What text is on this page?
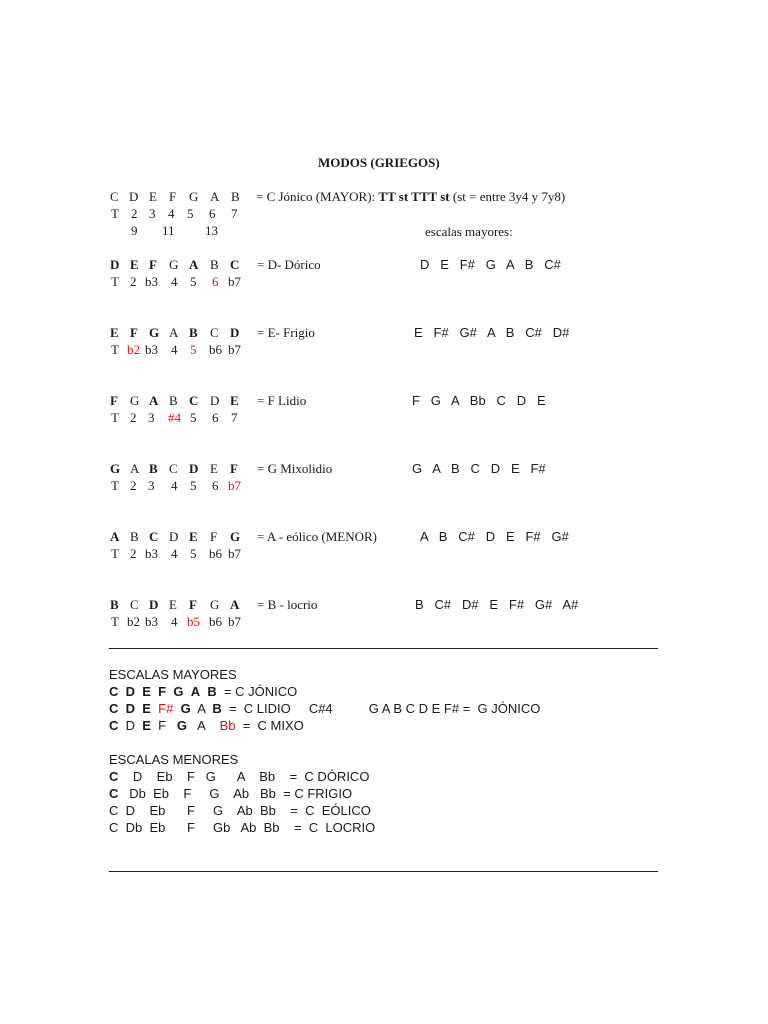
MODOS (GRIEGOS)
= C Jónico (MAYOR): TT st TTT st (st = entre 3y4 y 7y8)
escalas mayores:
ESCALAS MAYORES
ESCALAS MENORES
C D E F G A B
T 2 3 4 5 6 7
9 11 13
D E F G A B C = D- Dórico	D   E   F#   G   A   B   C#
T 2 b3 4 5 6 b7
E F G A B C D = E- Frigio	E   F#   G#   A   B   C#   D#
T b2 b3 4 5 b6 b7
F G A B C D E = F Lidio	F   G   A   Bb   C   D   E
T 2 3 #4 5 6 7
G A B C D E F = G Mixolidio	G   A   B   C   D   E   F#
T 2 3 4 5 6 b7
A B C D E F G = A - eólico (MENOR)	A   B   C#   D   E   F#   G#
T 2 b3 4 5 b6 b7
B C D E F G A = B - locrio	B   C#   D#   E   F#   G#   A#
T b2 b3 4 b5 b6 b7
C D E F G A B  = C JÓNICO
C D E F# G  A  B  =  C LIDIO     C#4          G A B C D E F# =  G JÓNICO
C  D  E  F   G   A    Bb  =  C MIXO
C    D    Eb    F   G      A    Bb    =  C DÓRICO
C   Db  Eb    F     G    Ab   Bb  = C FRIGIO
C  D    Eb      F     G    Ab  Bb    =  C  EÓLICO
C  Db  Eb      F     Gb   Ab  Bb    =  C  LOCRIO
